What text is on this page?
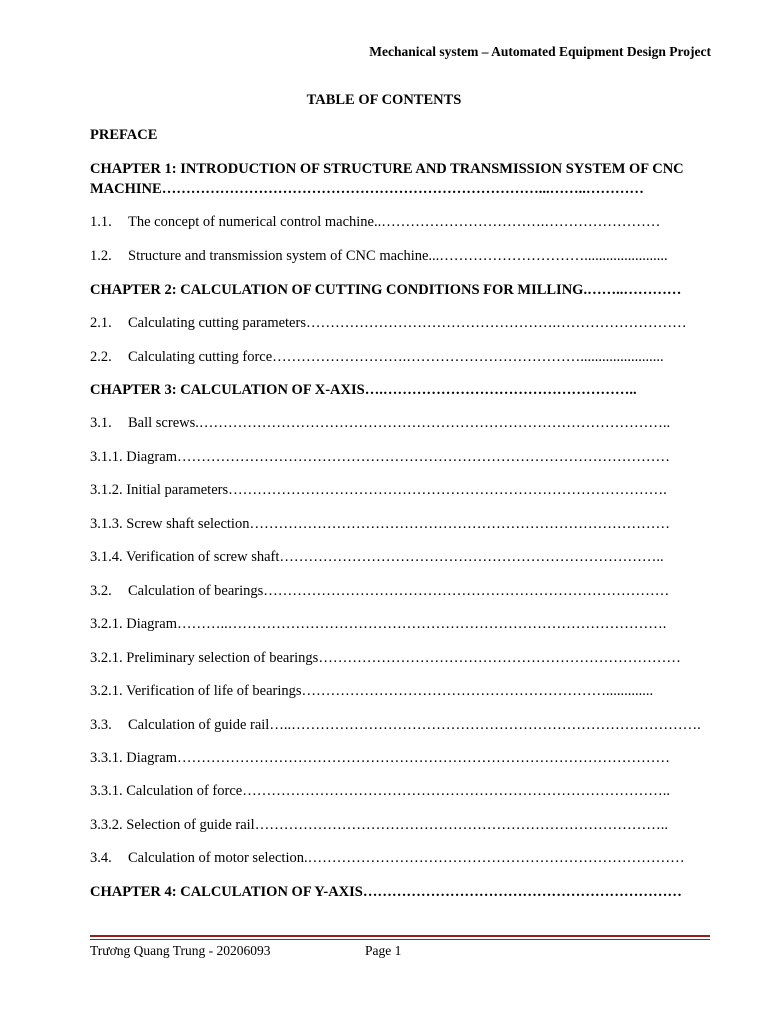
Mechanical system – Automated Equipment Design Project
TABLE OF CONTENTS
PREFACE
CHAPTER 1: INTRODUCTION OF STRUCTURE AND TRANSMISSION SYSTEM OF CNC
MACHINE……………………………………………………………………...……..…………
1.1. The concept of numerical control machine..…………………………….……………………
1.2. Structure and transmission system of CNC machine...………………………….......................
CHAPTER 2: CALCULATION OF CUTTING CONDITIONS FOR MILLING.……..…………
2.1. Calculating cutting parameters…………………………………………….………………………
2.2. Calculating cutting force……………………….……………………………….......................
CHAPTER 3: CALCULATION OF X-AXIS….……………………………………………..
3.1. Ball screws.……………………………………………………………………………………..
3.1.1. Diagram…………………………………………………………………………………………
3.1.2. Initial parameters……………………………………………………………………………….
3.1.3. Screw shaft selection……………………………………………………………………………
3.1.4. Verification of screw shaft……………………………………………………………………..
3.2. Calculation of bearings…………………………………………………………………………
3.2.1. Diagram………..……………………………………………………………………………….
3.2.1. Preliminary selection of bearings…………………………………………………………………
3.2.1. Verification of life of bearings……………………………………………………….............
3.3. Calculation of guide rail…..………………………………………………………………………….
3.3.1. Diagram…………………………………………………………………………………………
3.3.1. Calculation of force……………………………………………………………………………..
3.3.2. Selection of guide rail…………………………………………………………………………..
3.4. Calculation of motor selection.……………………………………………………………………
CHAPTER 4: CALCULATION OF Y-AXIS…………………………………………………………
Trương Quang Trung - 20206093	Page 1
